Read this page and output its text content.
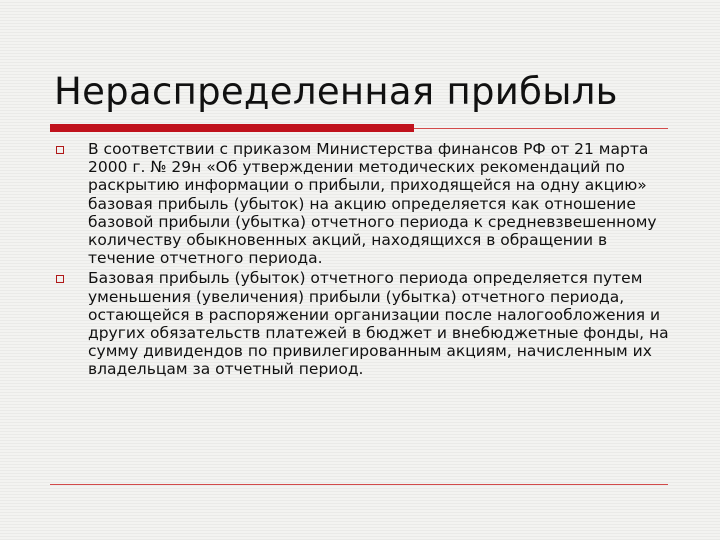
Нераспределенная прибыль
В соответствии с приказом Министерства финансов РФ от 21 марта 2000 г. № 29н «Об утверждении методических рекомендаций по раскрытию информации о прибыли, приходящейся на одну акцию» базовая прибыль (убыток) на акцию определяется как отношение базовой прибыли (убытка) отчетного периода к средневзвешенному количеству обыкновенных акций, находящихся в обращении в течение отчетного периода.
Базовая прибыль (убыток) отчетного периода определяется путем уменьшения (увеличения) прибыли (убытка) отчетного периода, остающейся в распоряжении организации после налогообложения и других обязательств платежей в бюджет и внебюджетные фонды, на сумму дивидендов по привилегированным акциям, начисленным их владельцам за отчетный период.
